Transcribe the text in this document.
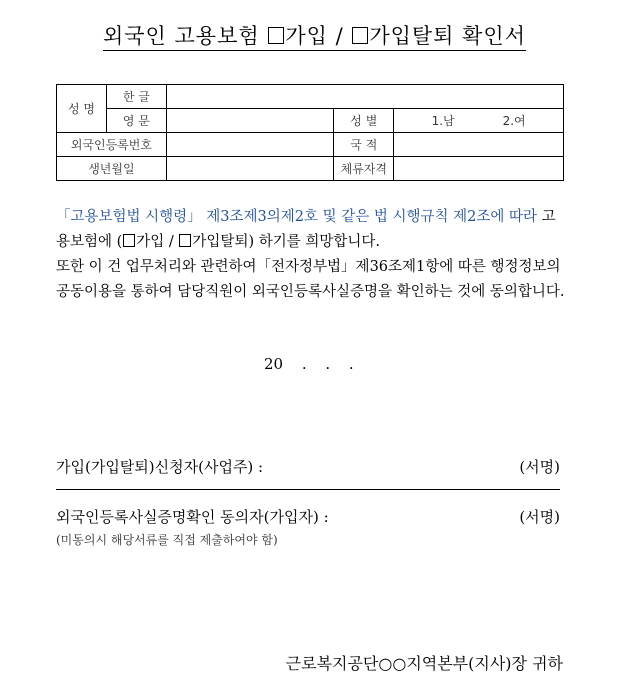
외국인 고용보험 가입 / 가입탈퇴 확인서
성 명	한 글			
	영 문		성 별	1.남 2.여
외국인등록번호			국 적	
생년월일			체류자격	

「고용보험법 시행령」 제3조제3의제2호 및 같은 법 시행규칙 제2조에 따라 고용보험에 ( 가입 / 가입탈퇴) 하기를 희망합니다.

또한 이 건 업무처리와 관련하여「전자정부법」제36조제1항에 따른 행정정보의 공동이용을 통하여 담당직원이 외국인등록사실증명을 확인하는 것에 동의합니다.

20 . . .
가입(가입탈퇴)신청자(사업주) :	(서명)
외국인등록사실증명확인 동의자(가입자) :	(서명)
(미동의시 해당서류를 직접 제출하여야 함)
근로복지공단○○지역본부(지사)장 귀하
